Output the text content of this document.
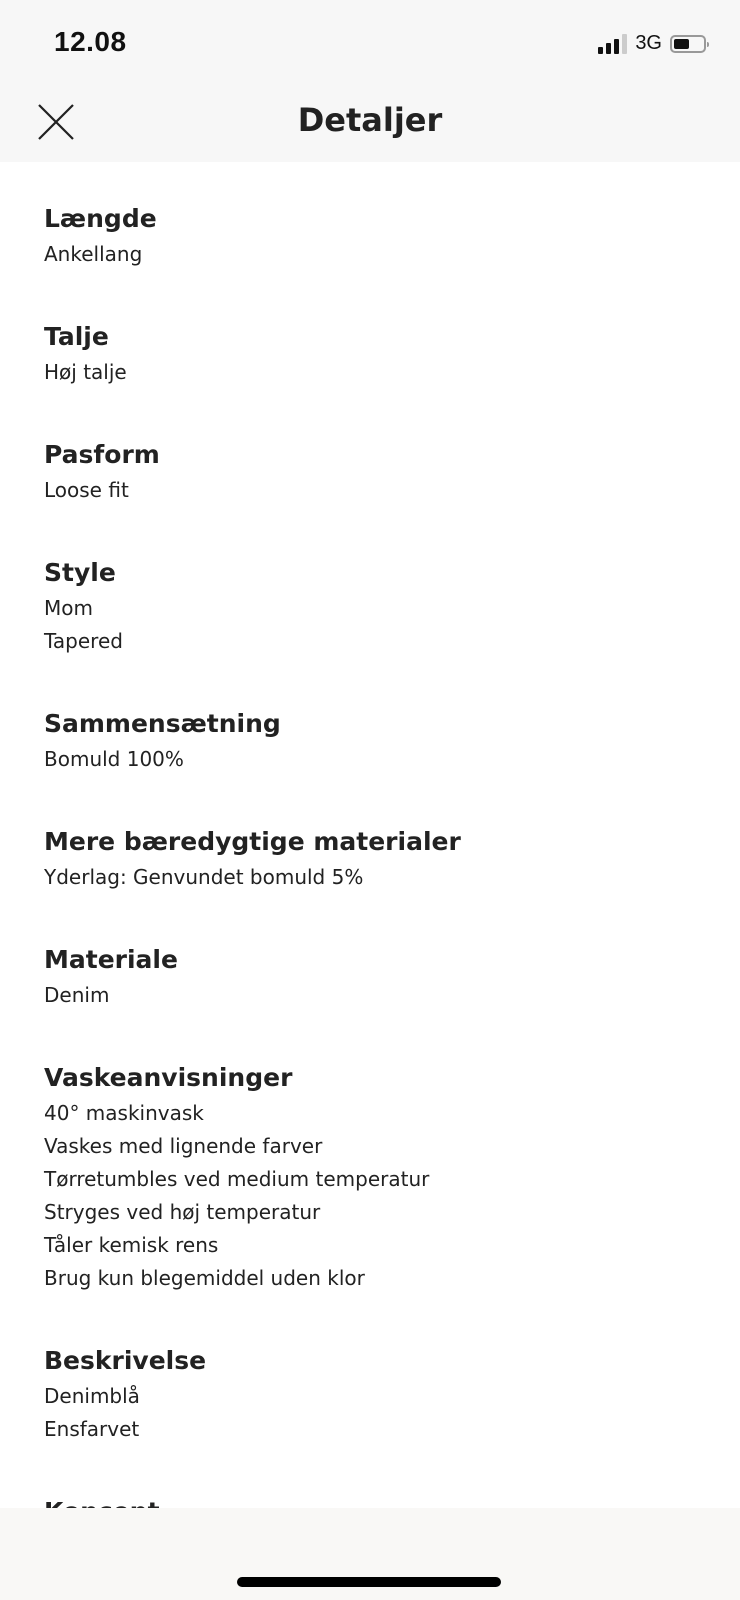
12.08	3G
Detaljer
Længde
Ankellang
Talje
Høj talje
Pasform
Loose fit
Style
Mom
Tapered
Sammensætning
Bomuld 100%
Mere bæredygtige materialer
Yderlag: Genvundet bomuld 5%
Materiale
Denim
Vaskeanvisninger
40° maskinvask
Vaskes med lignende farver
Tørretumbles ved medium temperatur
Stryges ved høj temperatur
Tåler kemisk rens
Brug kun blegemiddel uden klor
Beskrivelse
Denimblå
Ensfarvet
